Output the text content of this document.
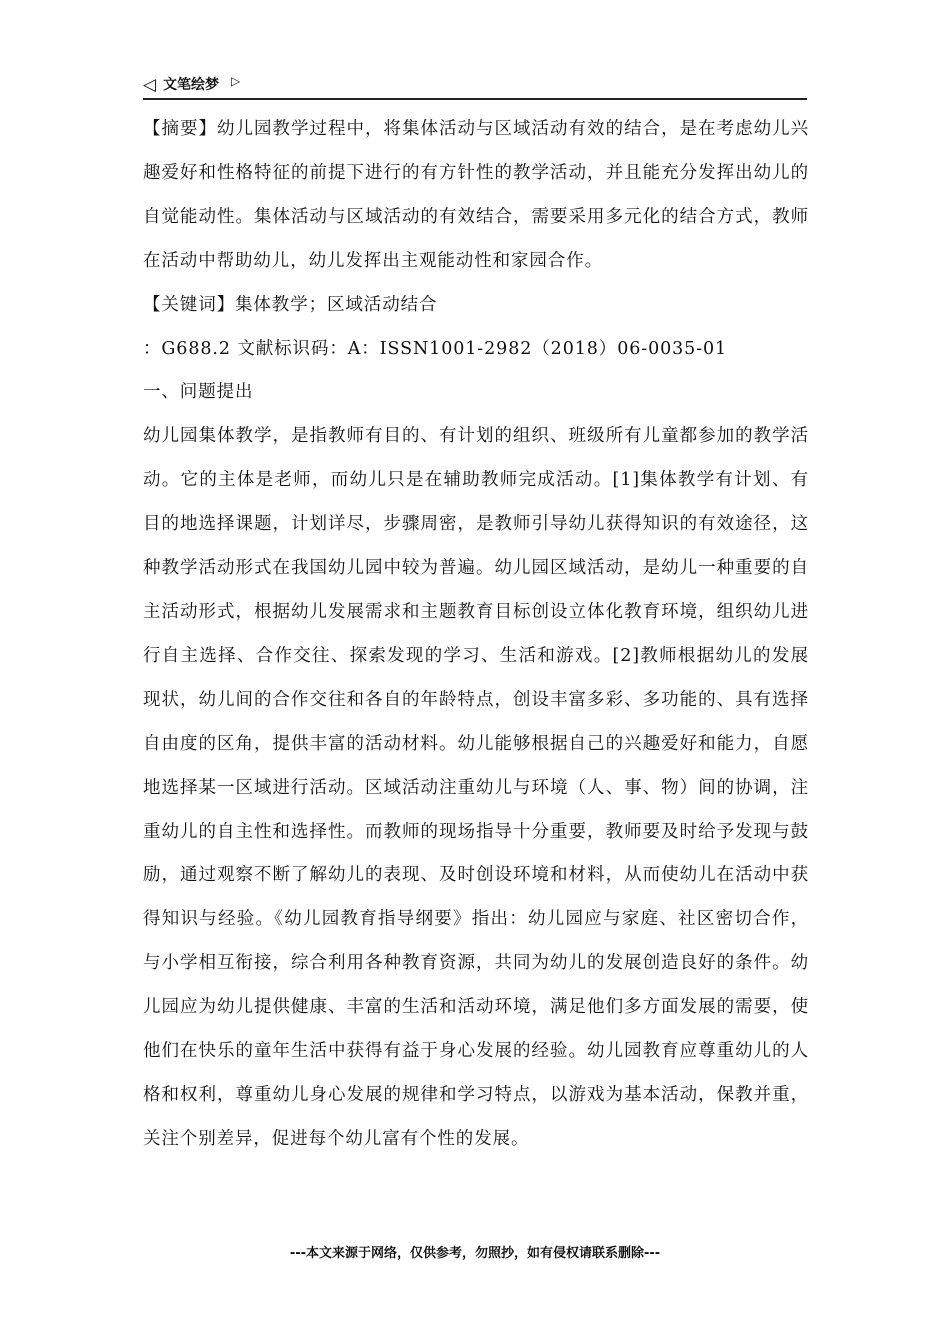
◁ 文笔绘梦 ▷

【摘要】幼儿园教学过程中，将集体活动与区域活动有效的结合，是在考虑幼儿兴趣爱好和性格特征的前提下进行的有方针性的教学活动，并且能充分发挥出幼儿的自觉能动性。集体活动与区域活动的有效结合，需要采用多元化的结合方式，教师在活动中帮助幼儿，幼儿发挥出主观能动性和家园合作。

【关键词】集体教学；区域活动结合

：G688.2 文献标识码：A：ISSN1001-2982（2018）06-0035-01

一、问题提出

幼儿园集体教学，是指教师有目的、有计划的组织、班级所有儿童都参加的教学活动。它的主体是老师，而幼儿只是在辅助教师完成活动。[1]集体教学有计划、有目的地选择课题，计划详尽，步骤周密，是教师引导幼儿获得知识的有效途径，这种教学活动形式在我国幼儿园中较为普遍。幼儿园区域活动，是幼儿一种重要的自主活动形式，根据幼儿发展需求和主题教育目标创设立体化教育环境，组织幼儿进行自主选择、合作交往、探索发现的学习、生活和游戏。[2]教师根据幼儿的发展现状，幼儿间的合作交往和各自的年龄特点，创设丰富多彩、多功能的、具有选择自由度的区角，提供丰富的活动材料。幼儿能够根据自己的兴趣爱好和能力，自愿地选择某一区域进行活动。区域活动注重幼儿与环境（人、事、物）间的协调，注重幼儿的自主性和选择性。而教师的现场指导十分重要，教师要及时给予发现与鼓励，通过观察不断了解幼儿的表现、及时创设环境和材料，从而使幼儿在活动中获得知识与经验。《幼儿园教育指导纲要》指出：幼儿园应与家庭、社区密切合作，与小学相互衔接，综合利用各种教育资源，共同为幼儿的发展创造良好的条件。幼儿园应为幼儿提供健康、丰富的生活和活动环境，满足他们多方面发展的需要，使他们在快乐的童年生活中获得有益于身心发展的经验。幼儿园教育应尊重幼儿的人格和权利，尊重幼儿身心发展的规律和学习特点，以游戏为基本活动，保教并重，关注个别差异，促进每个幼儿富有个性的发展。

---本文来源于网络，仅供参考，勿照抄，如有侵权请联系删除---
